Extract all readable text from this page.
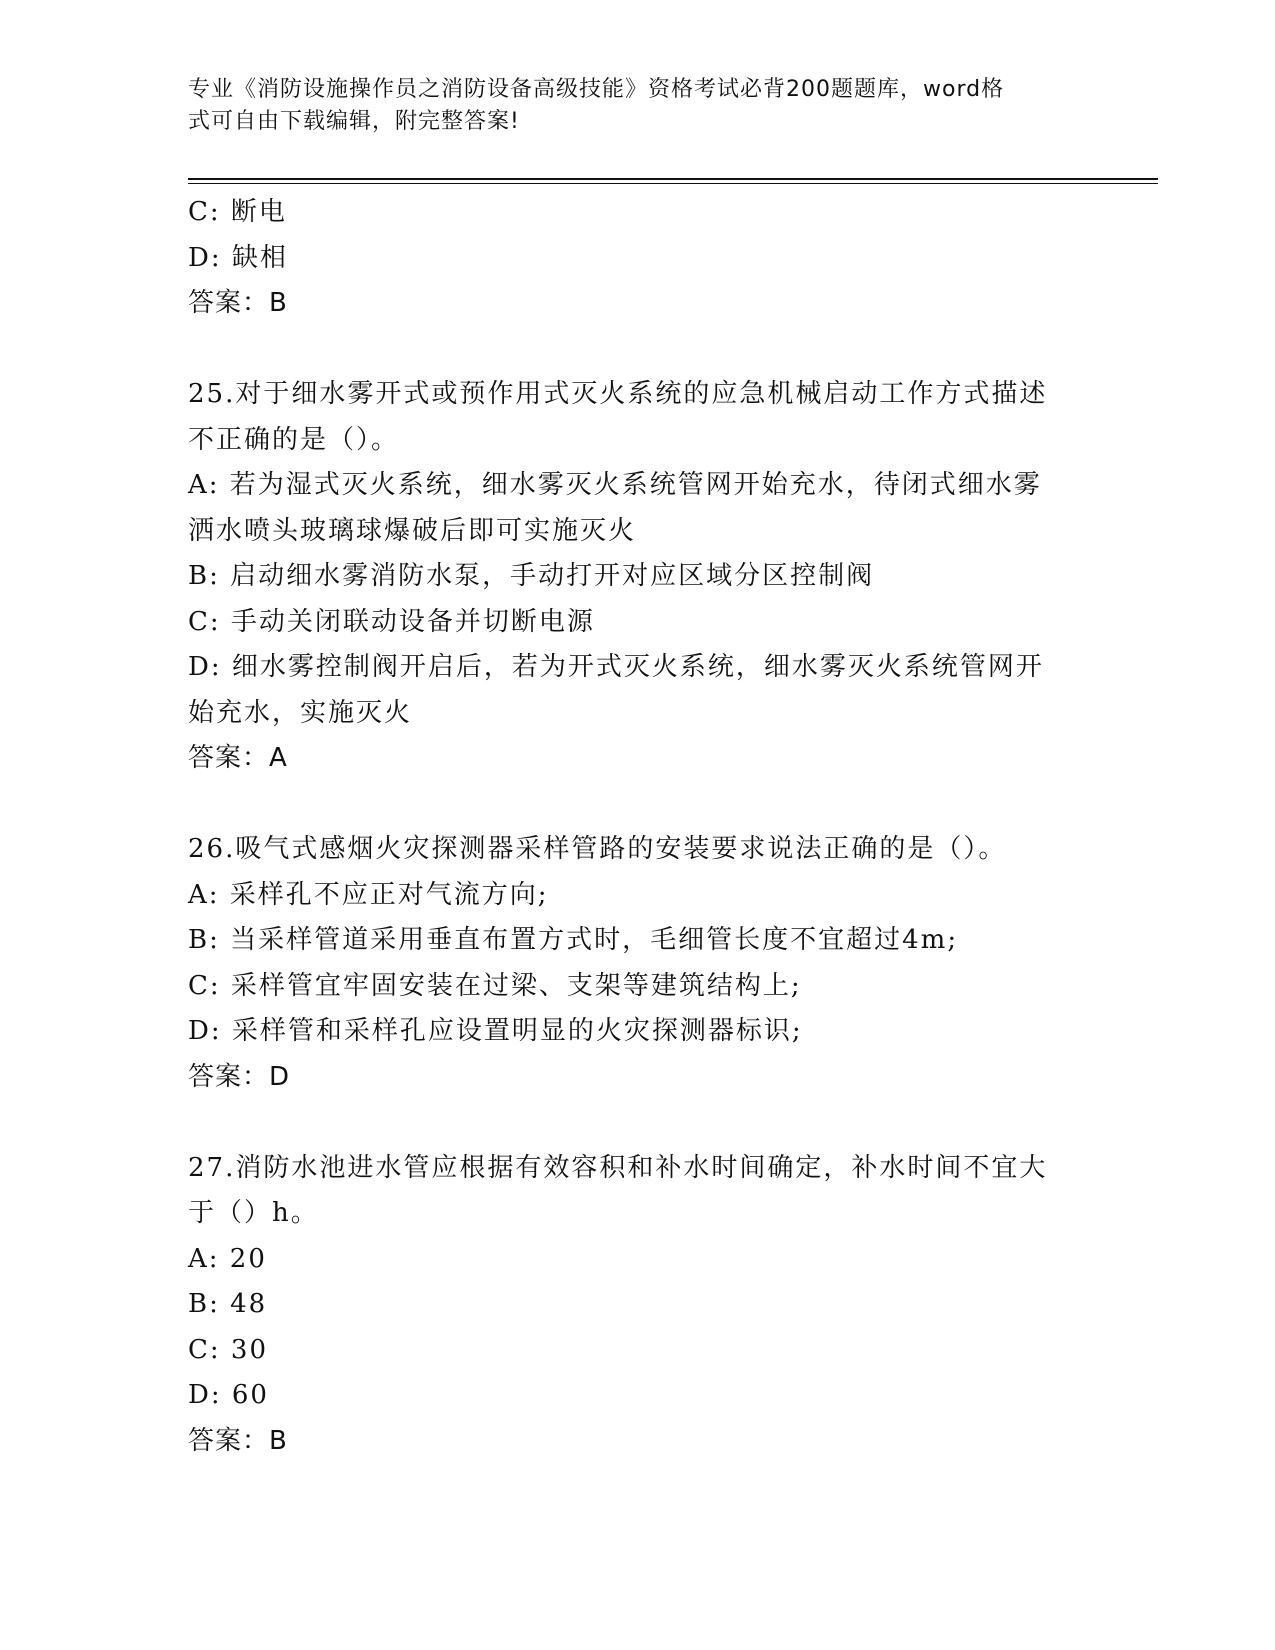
专业《消防设施操作员之消防设备高级技能》资格考试必背200题题库，word格
式可自由下载编辑，附完整答案!

C: 断电

D: 缺相

答案：B

25.对于细水雾开式或预作用式灭火系统的应急机械启动工作方式描述

不正确的是（）。

A: 若为湿式灭火系统，细水雾灭火系统管网开始充水，待闭式细水雾

洒水喷头玻璃球爆破后即可实施灭火

B: 启动细水雾消防水泵，手动打开对应区域分区控制阀

C: 手动关闭联动设备并切断电源

D: 细水雾控制阀开启后，若为开式灭火系统，细水雾灭火系统管网开

始充水，实施灭火

答案：A

26.吸气式感烟火灾探测器采样管路的安装要求说法正确的是（）。

A: 采样孔不应正对气流方向;

B: 当采样管道采用垂直布置方式时，毛细管长度不宜超过4m;

C: 采样管宜牢固安装在过梁、支架等建筑结构上;

D: 采样管和采样孔应设置明显的火灾探测器标识;

答案：D

27.消防水池进水管应根据有效容积和补水时间确定，补水时间不宜大

于（）h。

A: 20

B: 48

C: 30

D: 60

答案：B
